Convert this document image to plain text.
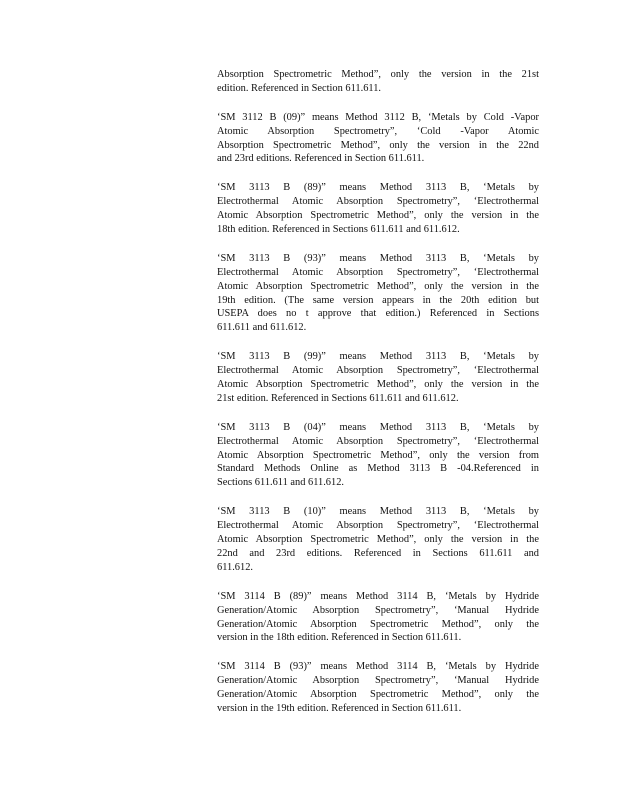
Absorption Spectrometric Method”, only the version in the 21st
edition. Referenced in Section 611.611.
‘SM 3112 B (09)” means Method 3112 B, ‘Metals by Cold -Vapor
Atomic Absorption Spectrometry”, ‘Cold -Vapor Atomic
Absorption Spectrometric Method”, only the version in the 22nd
and 23rd editions. Referenced in Section 611.611.
‘SM 3113 B (89)” means Method 3113 B, ‘Metals by
Electrothermal Atomic Absorption Spectrometry”, ‘Electrothermal
Atomic Absorption Spectrometric Method”, only the version in the
18th edition. Referenced in Sections 611.611 and 611.612.
‘SM 3113 B (93)” means Method 3113 B, ‘Metals by
Electrothermal Atomic Absorption Spectrometry”, ‘Electrothermal
Atomic Absorption Spectrometric Method”, only the version in the
19th edition. (The same version appears in the 20th edition but
USEPA does no t approve that edition.) Referenced in Sections
611.611 and 611.612.
‘SM 3113 B (99)” means Method 3113 B, ‘Metals by
Electrothermal Atomic Absorption Spectrometry”, ‘Electrothermal
Atomic Absorption Spectrometric Method”, only the version in the
21st edition. Referenced in Sections 611.611 and 611.612.
‘SM 3113 B (04)” means Method 3113 B, ‘Metals by
Electrothermal Atomic Absorption Spectrometry”, ‘Electrothermal
Atomic Absorption Spectrometric Method”, only the version from
Standard Methods Online as Method 3113 B -04.Referenced in
Sections 611.611 and 611.612.
‘SM 3113 B (10)” means Method 3113 B, ‘Metals by
Electrothermal Atomic Absorption Spectrometry”, ‘Electrothermal
Atomic Absorption Spectrometric Method”, only the version in the
22nd and 23rd editions. Referenced in Sections 611.611 and
611.612.
‘SM 3114 B (89)” means Method 3114 B, ‘Metals by Hydride
Generation/Atomic Absorption Spectrometry”, ‘Manual Hydride
Generation/Atomic Absorption Spectrometric Method”, only the
version in the 18th edition. Referenced in Section 611.611.
‘SM 3114 B (93)” means Method 3114 B, ‘Metals by Hydride
Generation/Atomic Absorption Spectrometry”, ‘Manual Hydride
Generation/Atomic Absorption Spectrometric Method”, only the
version in the 19th edition. Referenced in Section 611.611.
